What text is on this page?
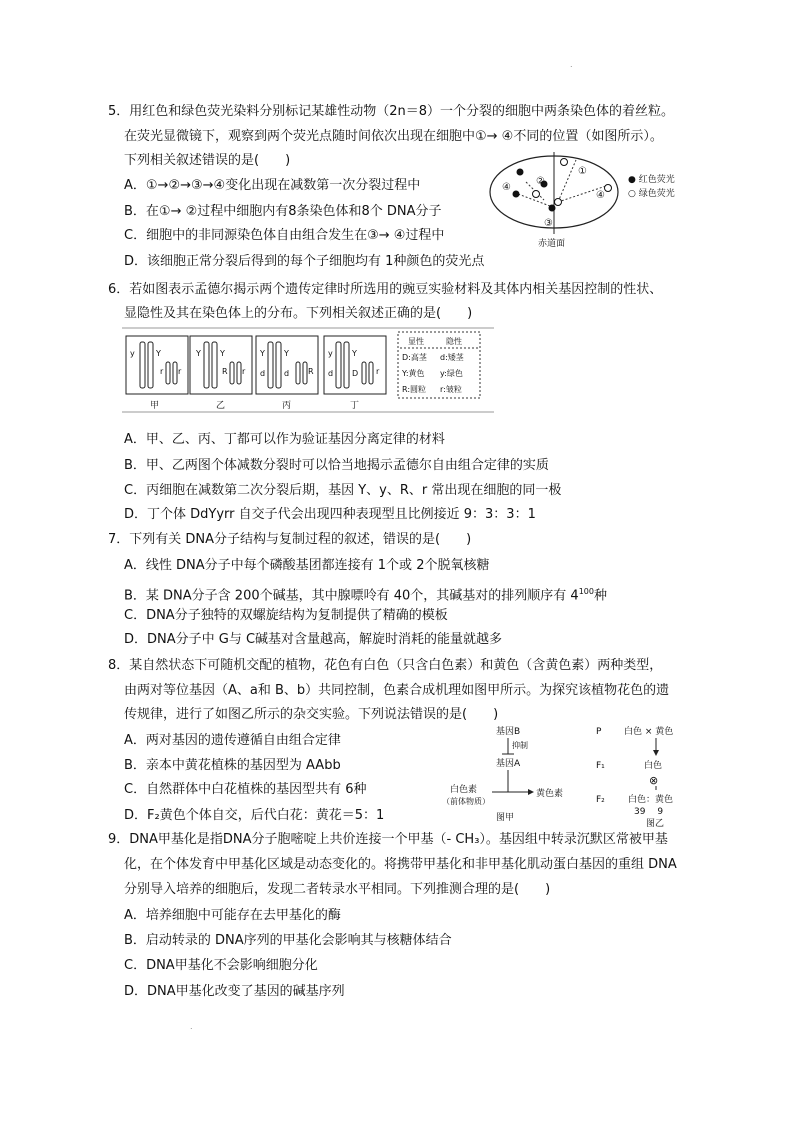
.
5．用红色和绿色荧光染料分别标记某雄性动物（2n＝8）一个分裂的细胞中两条染色体的着丝粒。
在荧光显微镜下，观察到两个荧光点随时间依次出现在细胞中①→ ④不同的位置（如图所示）。
下列相关叙述错误的是(　　)
A．①→②→③→④变化出现在减数第一次分裂过程中
B．在①→ ②过程中细胞内有8条染色体和8个 DNA分子
C．细胞中的非同源染色体自由组合发生在③→ ④过程中
D．该细胞正常分裂后得到的每个子细胞均有 1种颜色的荧光点
①
②
③
④
④
● 红色荧光
○ 绿色荧光
赤道面
6．若如图表示孟德尔揭示两个遗传定律时所选用的豌豆实验材料及其体内相关基因控制的性状、
显隐性及其在染色体上的分布。下列相关叙述正确的是(　　)
y	Y
r r
Y Y
R r
Y Y
d d R
y Y
d D r
甲	乙	丙	丁
显性	隐性
D:高茎 d:矮茎
Y:黄色 y:绿色
R:圆粒 r:皱粒
A．甲、乙、丙、丁都可以作为验证基因分离定律的材料
B．甲、乙两图个体减数分裂时可以恰当地揭示孟德尔自由组合定律的实质
C．丙细胞在减数第二次分裂后期，基因 Y、y、R、r 常出现在细胞的同一极
D．丁个体 DdYyrr 自交子代会出现四种表现型且比例接近 9：3：3：1
7．下列有关 DNA分子结构与复制过程的叙述，错误的是(　　)
A．线性 DNA分子中每个磷酸基团都连接有 1个或 2个脱氧核糖
B．某 DNA分子含 200个碱基，其中腺嘌呤有 40个，其碱基对的排列顺序有 $4^{100}$种
C．DNA分子独特的双螺旋结构为复制提供了精确的模板
D．DNA分子中 G与 C碱基对含量越高，解旋时消耗的能量就越多
8．某自然状态下可随机交配的植物，花色有白色（只含白色素）和黄色（含黄色素）两种类型，
由两对等位基因（A、a和 B、b）共同控制，色素合成机理如图甲所示。为探究该植物花色的遗
传规律，进行了如图乙所示的杂交实验。下列说法错误的是(　　)
A．两对基因的遗传遵循自由组合定律
B．亲本中黄花植株的基因型为 AAbb
C．自然群体中白花植株的基因型共有 6种
D．F₂黄色个体自交，后代白花：黄花＝5：1
基因B
抑制
基因A
白色素
（前体物质）
黄色素
图甲
P
F₁
F₂
白色 × 黄色
白色
⊗
白色：黄色
39　 9
图乙
9．DNA甲基化是指DNA分子胞嘧啶上共价连接一个甲基（- CH₃）。基因组中转录沉默区常被甲基
化，在个体发育中甲基化区域是动态变化的。将携带甲基化和非甲基化肌动蛋白基因的重组 DNA
分别导入培养的细胞后，发现二者转录水平相同。下列推测合理的是(　　)
A．培养细胞中可能存在去甲基化的酶
B．启动转录的 DNA序列的甲基化会影响其与核糖体结合
C．DNA甲基化不会影响细胞分化
D．DNA甲基化改变了基因的碱基序列
.
